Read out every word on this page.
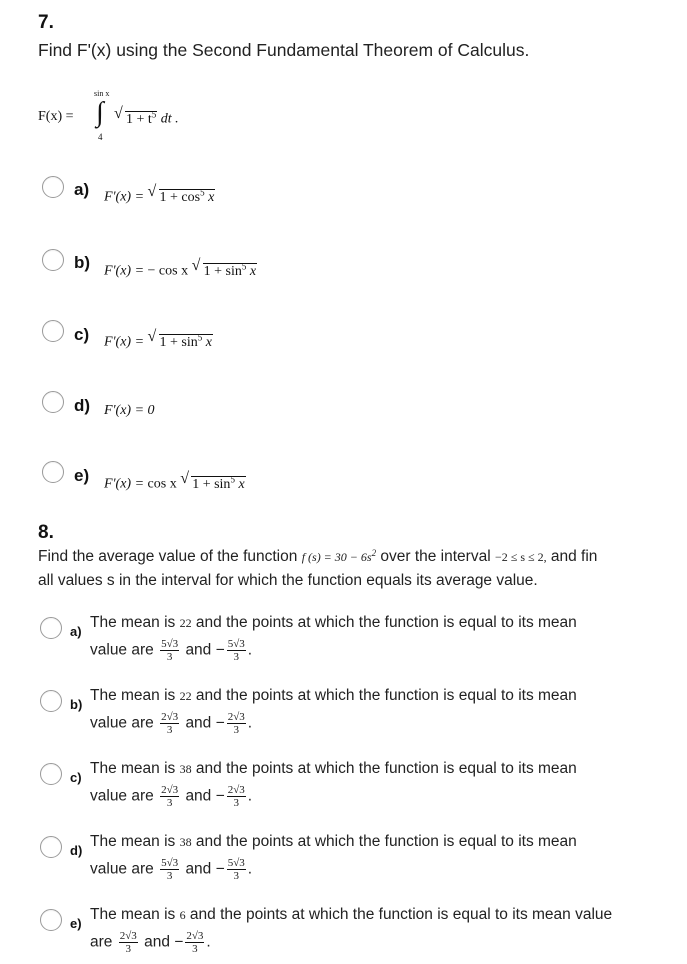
7.
Find F'(x) using the Second Fundamental Theorem of Calculus.
F(x) = ∫
sin x
4
√ $1 + t^5$ dt .
a) F'(x) = √ $1 + \cos^5 x$
b) F'(x) = − cos x √ $1 + \sin^5 x$
c) F'(x) = √ $1 + \sin^5 x$
d) F'(x) = 0
e) F'(x) = cos x √ $1 + \sin^5 x$
8.
Find the average value of the function f $(s) = 30 - 6s^2$ over the interval −2 ≤ s ≤ 2, and fin
all values s in the interval for which the function equals its average value.
a)
The mean is 22 and the points at which the function is equal to its mean
value are $\frac{5√3}{3}$ and − $\frac{5√3}{3}$ .
b)
The mean is 22 and the points at which the function is equal to its mean
value are $\frac{2√3}{3}$ and − $\frac{2√3}{3}$ .
c)
The mean is 38 and the points at which the function is equal to its mean
value are $\frac{2√3}{3}$ and − $\frac{2√3}{3}$ .
d)
The mean is 38 and the points at which the function is equal to its mean
value are $\frac{5√3}{3}$ and − $\frac{5√3}{3}$ .
e)
The mean is 6 and the points at which the function is equal to its mean value
are $\frac{2√3}{3}$ and − $\frac{2√3}{3}$ .
